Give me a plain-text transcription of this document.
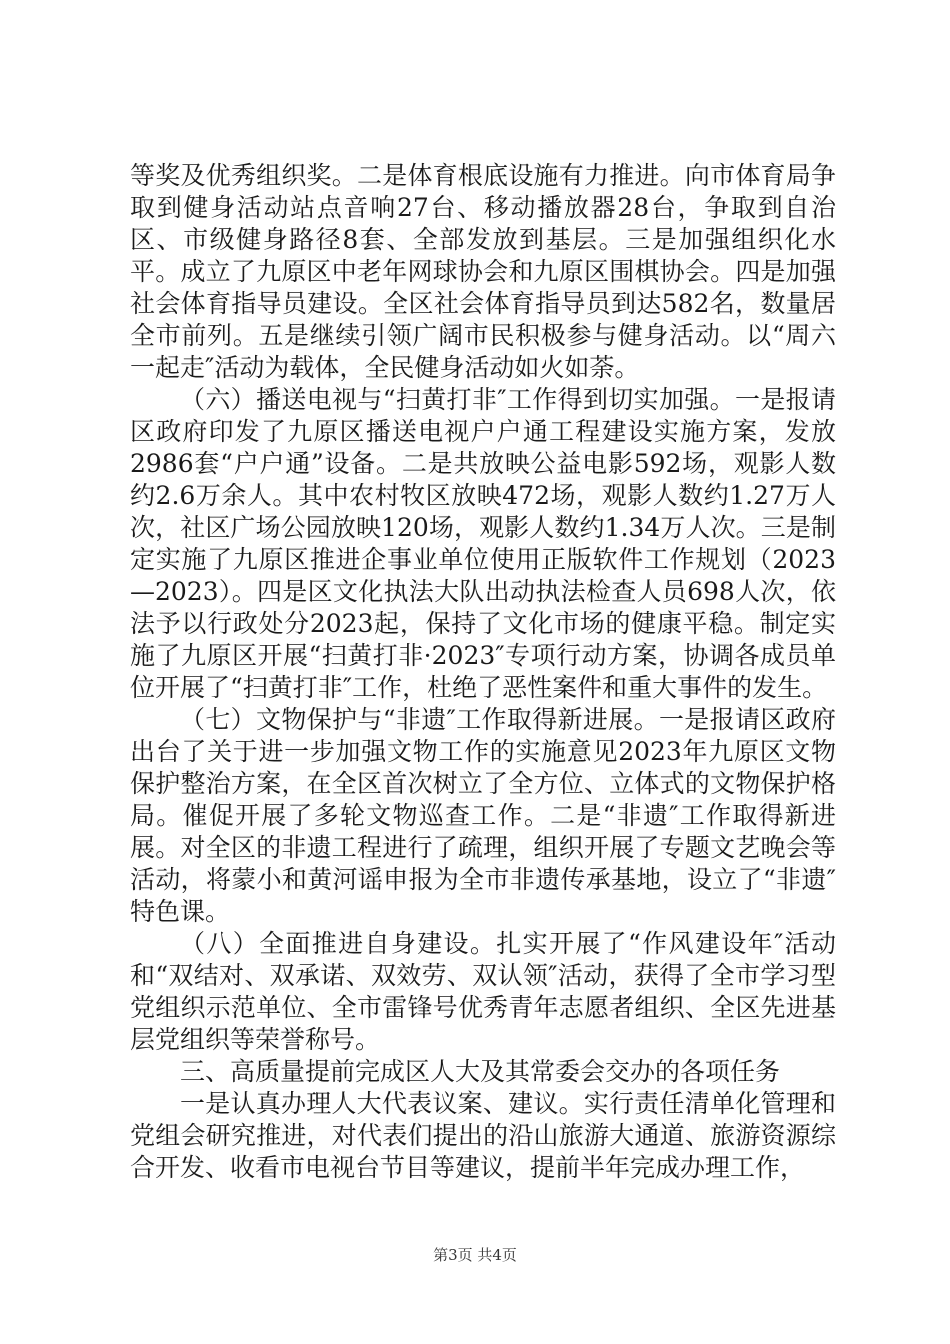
等奖及优秀组织奖。二是体育根底设施有力推进。向市体育局争取到健身活动站点音响27台、移动播放器28台，争取到自治区、市级健身路径8套、全部发放到基层。三是加强组织化水平。成立了九原区中老年网球协会和九原区围棋协会。四是加强社会体育指导员建设。全区社会体育指导员到达582名，数量居全市前列。五是继续引领广阔市民积极参与健身活动。以“周六一起走″活动为载体，全民健身活动如火如荼。

（六）播送电视与“扫黄打非″工作得到切实加强。一是报请区政府印发了九原区播送电视户户通工程建设实施方案，发放2986套“户户通”设备。二是共放映公益电影592场，观影人数约2.6万余人。其中农村牧区放映472场，观影人数约1.27万人次，社区广场公园放映120场，观影人数约1.34万人次。三是制定实施了九原区推进企事业单位使用正版软件工作规划（2023—2023）。四是区文化执法大队出动执法检查人员698人次，依法予以行政处分2023起，保持了文化市场的健康平稳。制定实施了九原区开展“扫黄打非·2023″专项行动方案，协调各成员单位开展了“扫黄打非″工作，杜绝了恶性案件和重大事件的发生。

（七）文物保护与“非遗″工作取得新进展。一是报请区政府出台了关于进一步加强文物工作的实施意见2023年九原区文物保护整治方案，在全区首次树立了全方位、立体式的文物保护格局。催促开展了多轮文物巡查工作。二是“非遗″工作取得新进展。对全区的非遗工程进行了疏理，组织开展了专题文艺晚会等活动，将蒙小和黄河谣申报为全市非遗传承基地，设立了“非遗″特色课。

（八）全面推进自身建设。扎实开展了“作风建设年″活动和“双结对、双承诺、双效劳、双认领″活动，获得了全市学习型党组织示范单位、全市雷锋号优秀青年志愿者组织、全区先进基层党组织等荣誉称号。

三、高质量提前完成区人大及其常委会交办的各项任务

一是认真办理人大代表议案、建议。实行责任清单化管理和党组会研究推进，对代表们提出的沿山旅游大通道、旅游资源综合开发、收看市电视台节目等建议，提前半年完成办理工作，

第3页 共4页
